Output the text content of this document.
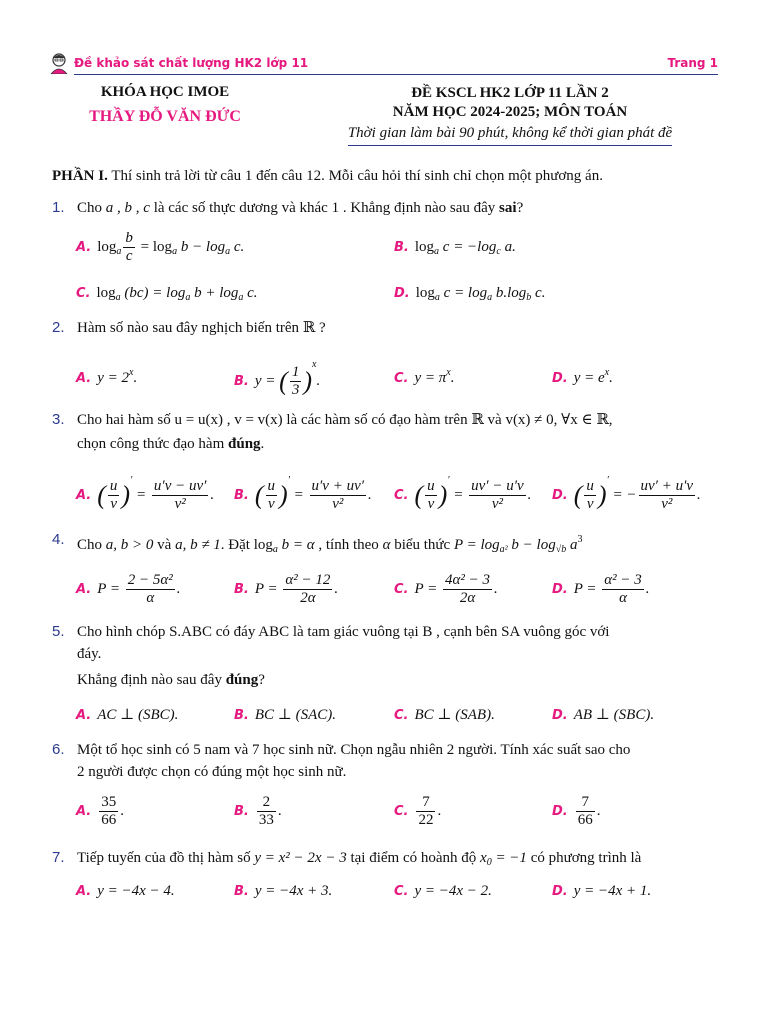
Đề khảo sát chất lượng HK2 lớp 11	Trang 1
KHÓA HỌC IMOE
THẦY ĐỖ VĂN ĐỨC
ĐỀ KSCL HK2 LỚP 11 LẦN 2
NĂM HỌC 2024-2025; MÔN TOÁN
Thời gian làm bài 90 phút, không kể thời gian phát đề
PHẦN I. Thí sinh trả lời từ câu 1 đến câu 12. Mỗi câu hỏi thí sinh chỉ chọn một phương án.
1. Cho a , b , c là các số thực dương và khác 1 . Khẳng định nào sau đây sai?
A. $\log_a \frac{b}{c} = \log_a b - \log_a c$.	B. $\log_a c = -\log_c$ a.
C. $\log_a (bc) = \log_a b + \log_a c$.	D. $\log_a c = \log_a b.\log_b$ c.
2. Hàm số nào sau đây nghịch biến trên ℝ ?
A. $y = 2^x$.	B. y = ( $\frac{1}{3} )^x$.	C. $y = \pi^x$.	D. $y = e^x$.
3. Cho hai hàm số u = u(x) , v = v(x) là các hàm số có đạo hàm trên ℝ và v(x) ≠ 0, ∀x ∈ ℝ,
chọn công thức đạo hàm đúng.
A. ( $\frac{u}{v} )' = \frac{u'v - uv'}{\text{v²}}$ . B. ( $\frac{u}{v} )' = \frac{u'v + uv'}{\text{v²}}$ . C. ( $\frac{u}{v} )' = \frac{uv' - u'v}{\text{v²}}$ . D. ( $\frac{u}{v} )'$ = − $\frac{uv' + u'v}{\text{v²}}$ .
4. Cho a, b > 0 và a, b ≠ 1. Đặt $\log_a b = \alpha$ , tính theo α biểu thức $P = \log_{a^2} b - \log_{√b} a^3$
A. $P = \frac{\text{2 − 5α²}}{\alpha}$ .	B. $P = \frac{\text{α² − 12}}{2\alpha}$ .	C. $P = \frac{\text{4α² − 3}}{2\alpha}$ .	D. $P = \frac{\text{α² − 3}}{\alpha}$ .
5. Cho hình chóp S.ABC có đáy ABC là tam giác vuông tại B , cạnh bên SA vuông góc với
đáy.
Khẳng định nào sau đây đúng?
A. AC ⊥ (SBC).	B. BC ⊥ (SAC).	C. BC ⊥ (SAB).	D. AB ⊥ (SBC).
6. Một tổ học sinh có 5 nam và 7 học sinh nữ. Chọn ngẫu nhiên 2 người. Tính xác suất sao cho
2 người được chọn có đúng một học sinh nữ.
A. $\frac{35}{66}$ .	B. $\frac{2}{33}$ .	C. $\frac{7}{22}$ .	D. $\frac{7}{66}$ .
7. Tiếp tuyến của đồ thị hàm số y = x² − 2x − 3 tại điểm có hoành độ $x_0 = -1$ có phương trình là
A. y = −4x − 4.	B. y = −4x + 3.	C. y = −4x − 2.	D. y = −4x + 1.
